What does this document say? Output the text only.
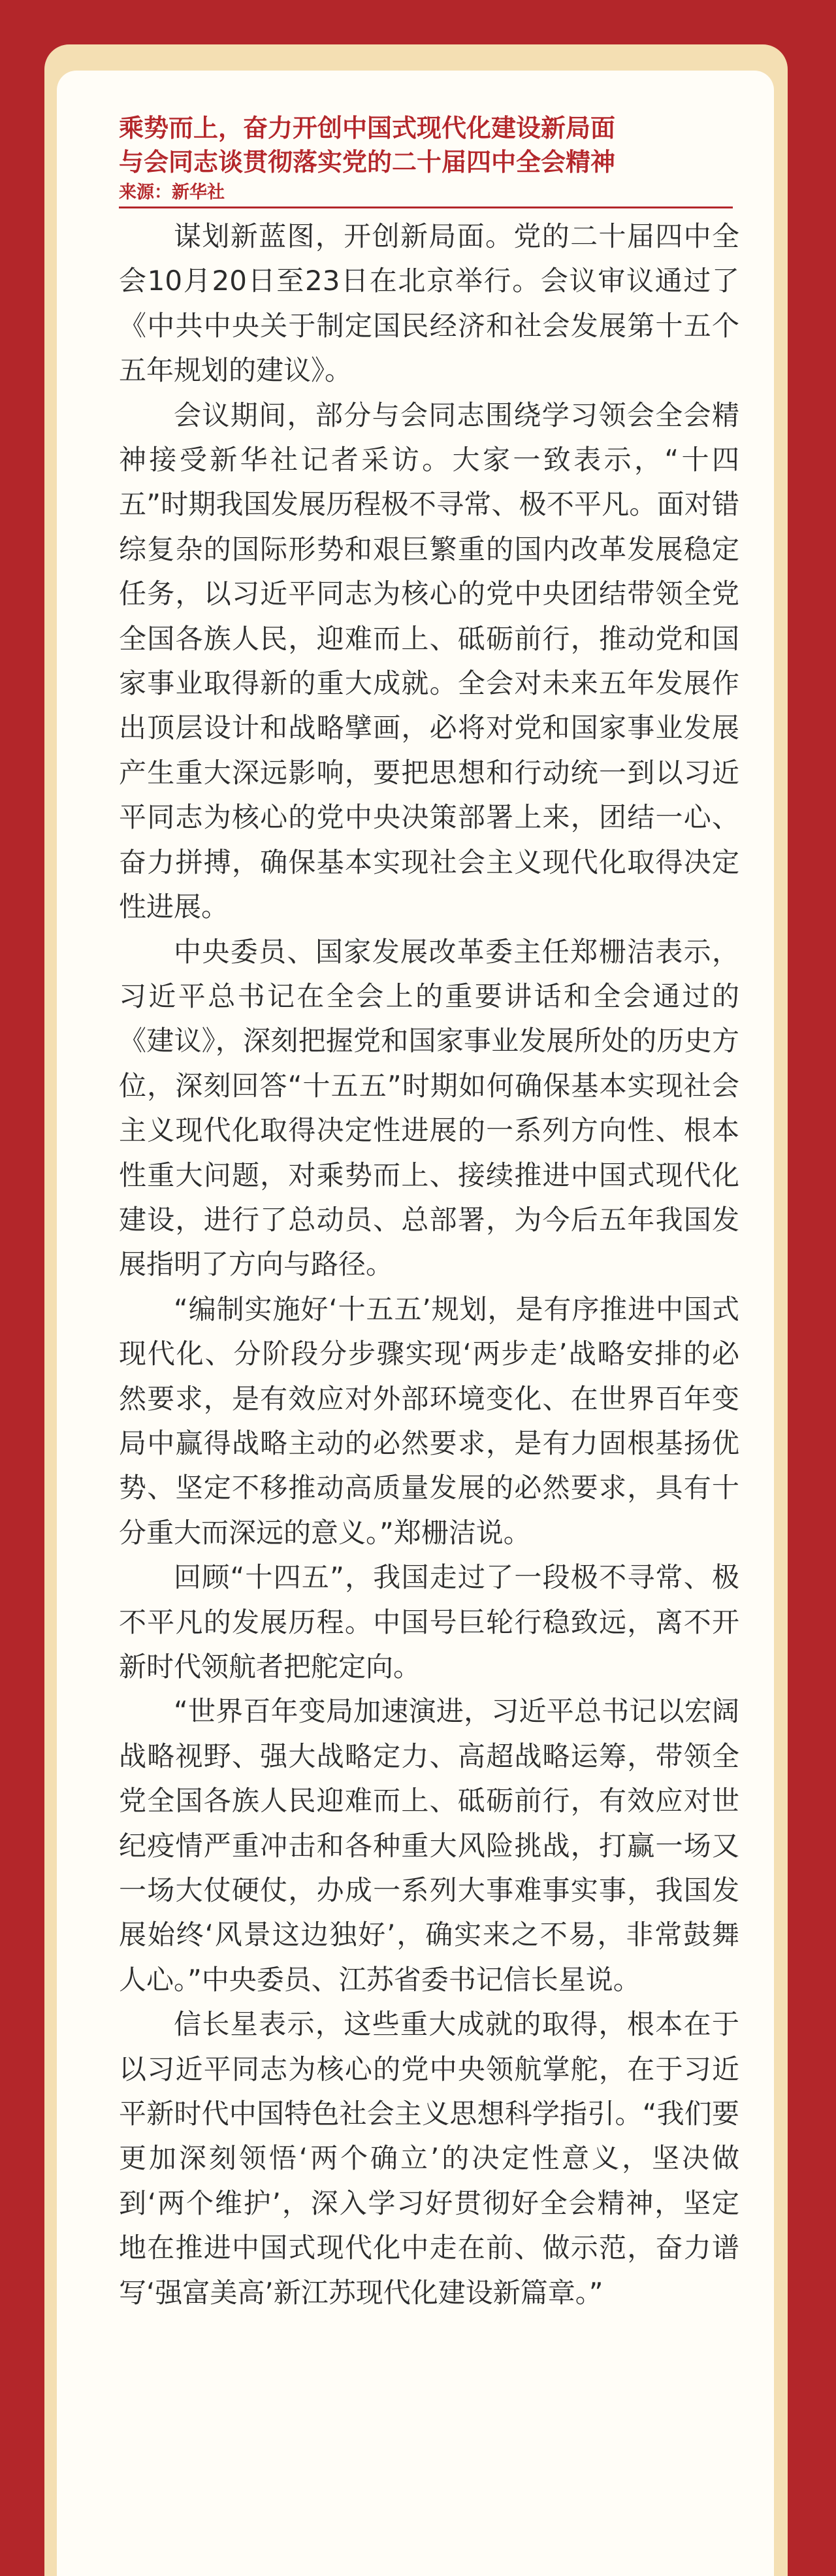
乘势而上，奋力开创中国式现代化建设新局面
与会同志谈贯彻落实党的二十届四中全会精神
来源：新华社

谋划新蓝图，开创新局面。党的二十届四中全会10月20日至23日在北京举行。会议审议通过了《中共中央关于制定国民经济和社会发展第十五个五年规划的建议》。

会议期间，部分与会同志围绕学习领会全会精神接受新华社记者采访。大家一致表示，“十四五”时期我国发展历程极不寻常、极不平凡。面对错综复杂的国际形势和艰巨繁重的国内改革发展稳定任务，以习近平同志为核心的党中央团结带领全党全国各族人民，迎难而上、砥砺前行，推动党和国家事业取得新的重大成就。全会对未来五年发展作出顶层设计和战略擘画，必将对党和国家事业发展产生重大深远影响，要把思想和行动统一到以习近平同志为核心的党中央决策部署上来，团结一心、奋力拼搏，确保基本实现社会主义现代化取得决定性进展。

中央委员、国家发展改革委主任郑栅洁表示，习近平总书记在全会上的重要讲话和全会通过的《建议》，深刻把握党和国家事业发展所处的历史方位，深刻回答“十五五”时期如何确保基本实现社会主义现代化取得决定性进展的一系列方向性、根本性重大问题，对乘势而上、接续推进中国式现代化建设，进行了总动员、总部署，为今后五年我国发展指明了方向与路径。

“编制实施好‘十五五’规划，是有序推进中国式现代化、分阶段分步骤实现‘两步走’战略安排的必然要求，是有效应对外部环境变化、在世界百年变局中赢得战略主动的必然要求，是有力固根基扬优势、坚定不移推动高质量发展的必然要求，具有十分重大而深远的意义。”郑栅洁说。

回顾“十四五”，我国走过了一段极不寻常、极不平凡的发展历程。中国号巨轮行稳致远，离不开新时代领航者把舵定向。

“世界百年变局加速演进，习近平总书记以宏阔战略视野、强大战略定力、高超战略运筹，带领全党全国各族人民迎难而上、砥砺前行，有效应对世纪疫情严重冲击和各种重大风险挑战，打赢一场又一场大仗硬仗，办成一系列大事难事实事，我国发展始终‘风景这边独好’，确实来之不易，非常鼓舞人心。”中央委员、江苏省委书记信长星说。

信长星表示，这些重大成就的取得，根本在于以习近平同志为核心的党中央领航掌舵，在于习近平新时代中国特色社会主义思想科学指引。“我们要更加深刻领悟‘两个确立’的决定性意义，坚决做到‘两个维护’，深入学习好贯彻好全会精神，坚定地在推进中国式现代化中走在前、做示范，奋力谱写‘强富美高’新江苏现代化建设新篇章。”
